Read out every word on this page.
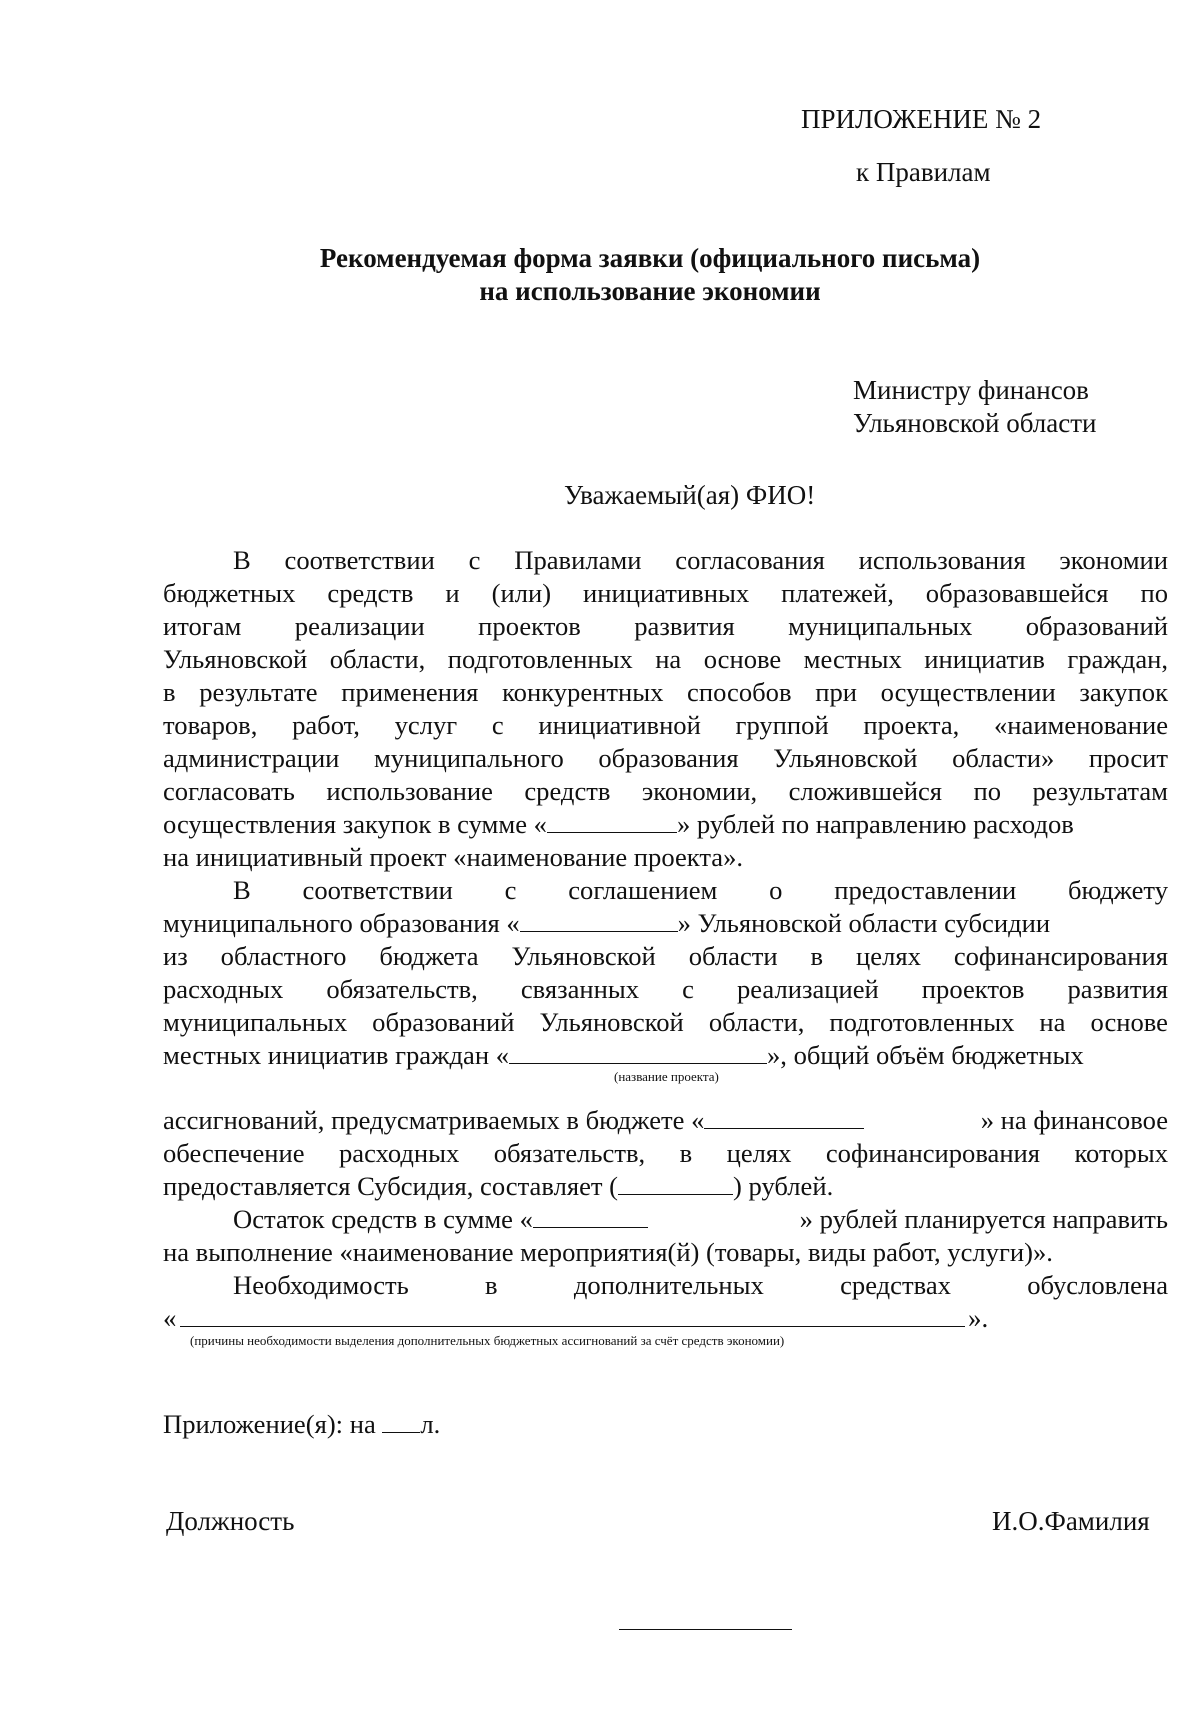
ПРИЛОЖЕНИЕ № 2
к Правилам
Рекомендуемая форма заявки (официального письма)
на использование экономии
Министру финансов
Ульяновской области
Уважаемый(ая) ФИО!
В соответствии с Правилами согласования использования экономии
бюджетных средств и (или) инициативных платежей, образовавшейся по
итогам реализации проектов развития муниципальных образований
Ульяновской области, подготовленных на основе местных инициатив граждан,
в результате применения конкурентных способов при осуществлении закупок
товаров, работ, услуг с инициативной группой проекта, «наименование
администрации муниципального образования Ульяновской области» просит
согласовать использование средств экономии, сложившейся по результатам
осуществления закупок в сумме «	» рублей по направлению расходов
на инициативный проект «наименование проекта».
В соответствии с соглашением о предоставлении бюджету
муниципального образования «	» Ульяновской области субсидии
из областного бюджета Ульяновской области в целях софинансирования
расходных обязательств, связанных с реализацией проектов развития
муниципальных образований Ульяновской области, подготовленных на основе
местных инициатив граждан «	», общий объём бюджетных
(название проекта)
ассигнований, предусматриваемых в бюджете «	» на финансовое
обеспечение расходных обязательств, в целях софинансирования которых
предоставляется Субсидия, составляет (	) рублей.
Остаток средств в сумме «	» рублей планируется направить
на выполнение «наименование мероприятия(й) (товары, виды работ, услуги)».
Необходимость в дополнительных средствах обусловлена
«	».
(причины необходимости выделения дополнительных бюджетных ассигнований за счёт средств экономии)
Приложение(я): на л.
Должность	И.О.Фамилия
